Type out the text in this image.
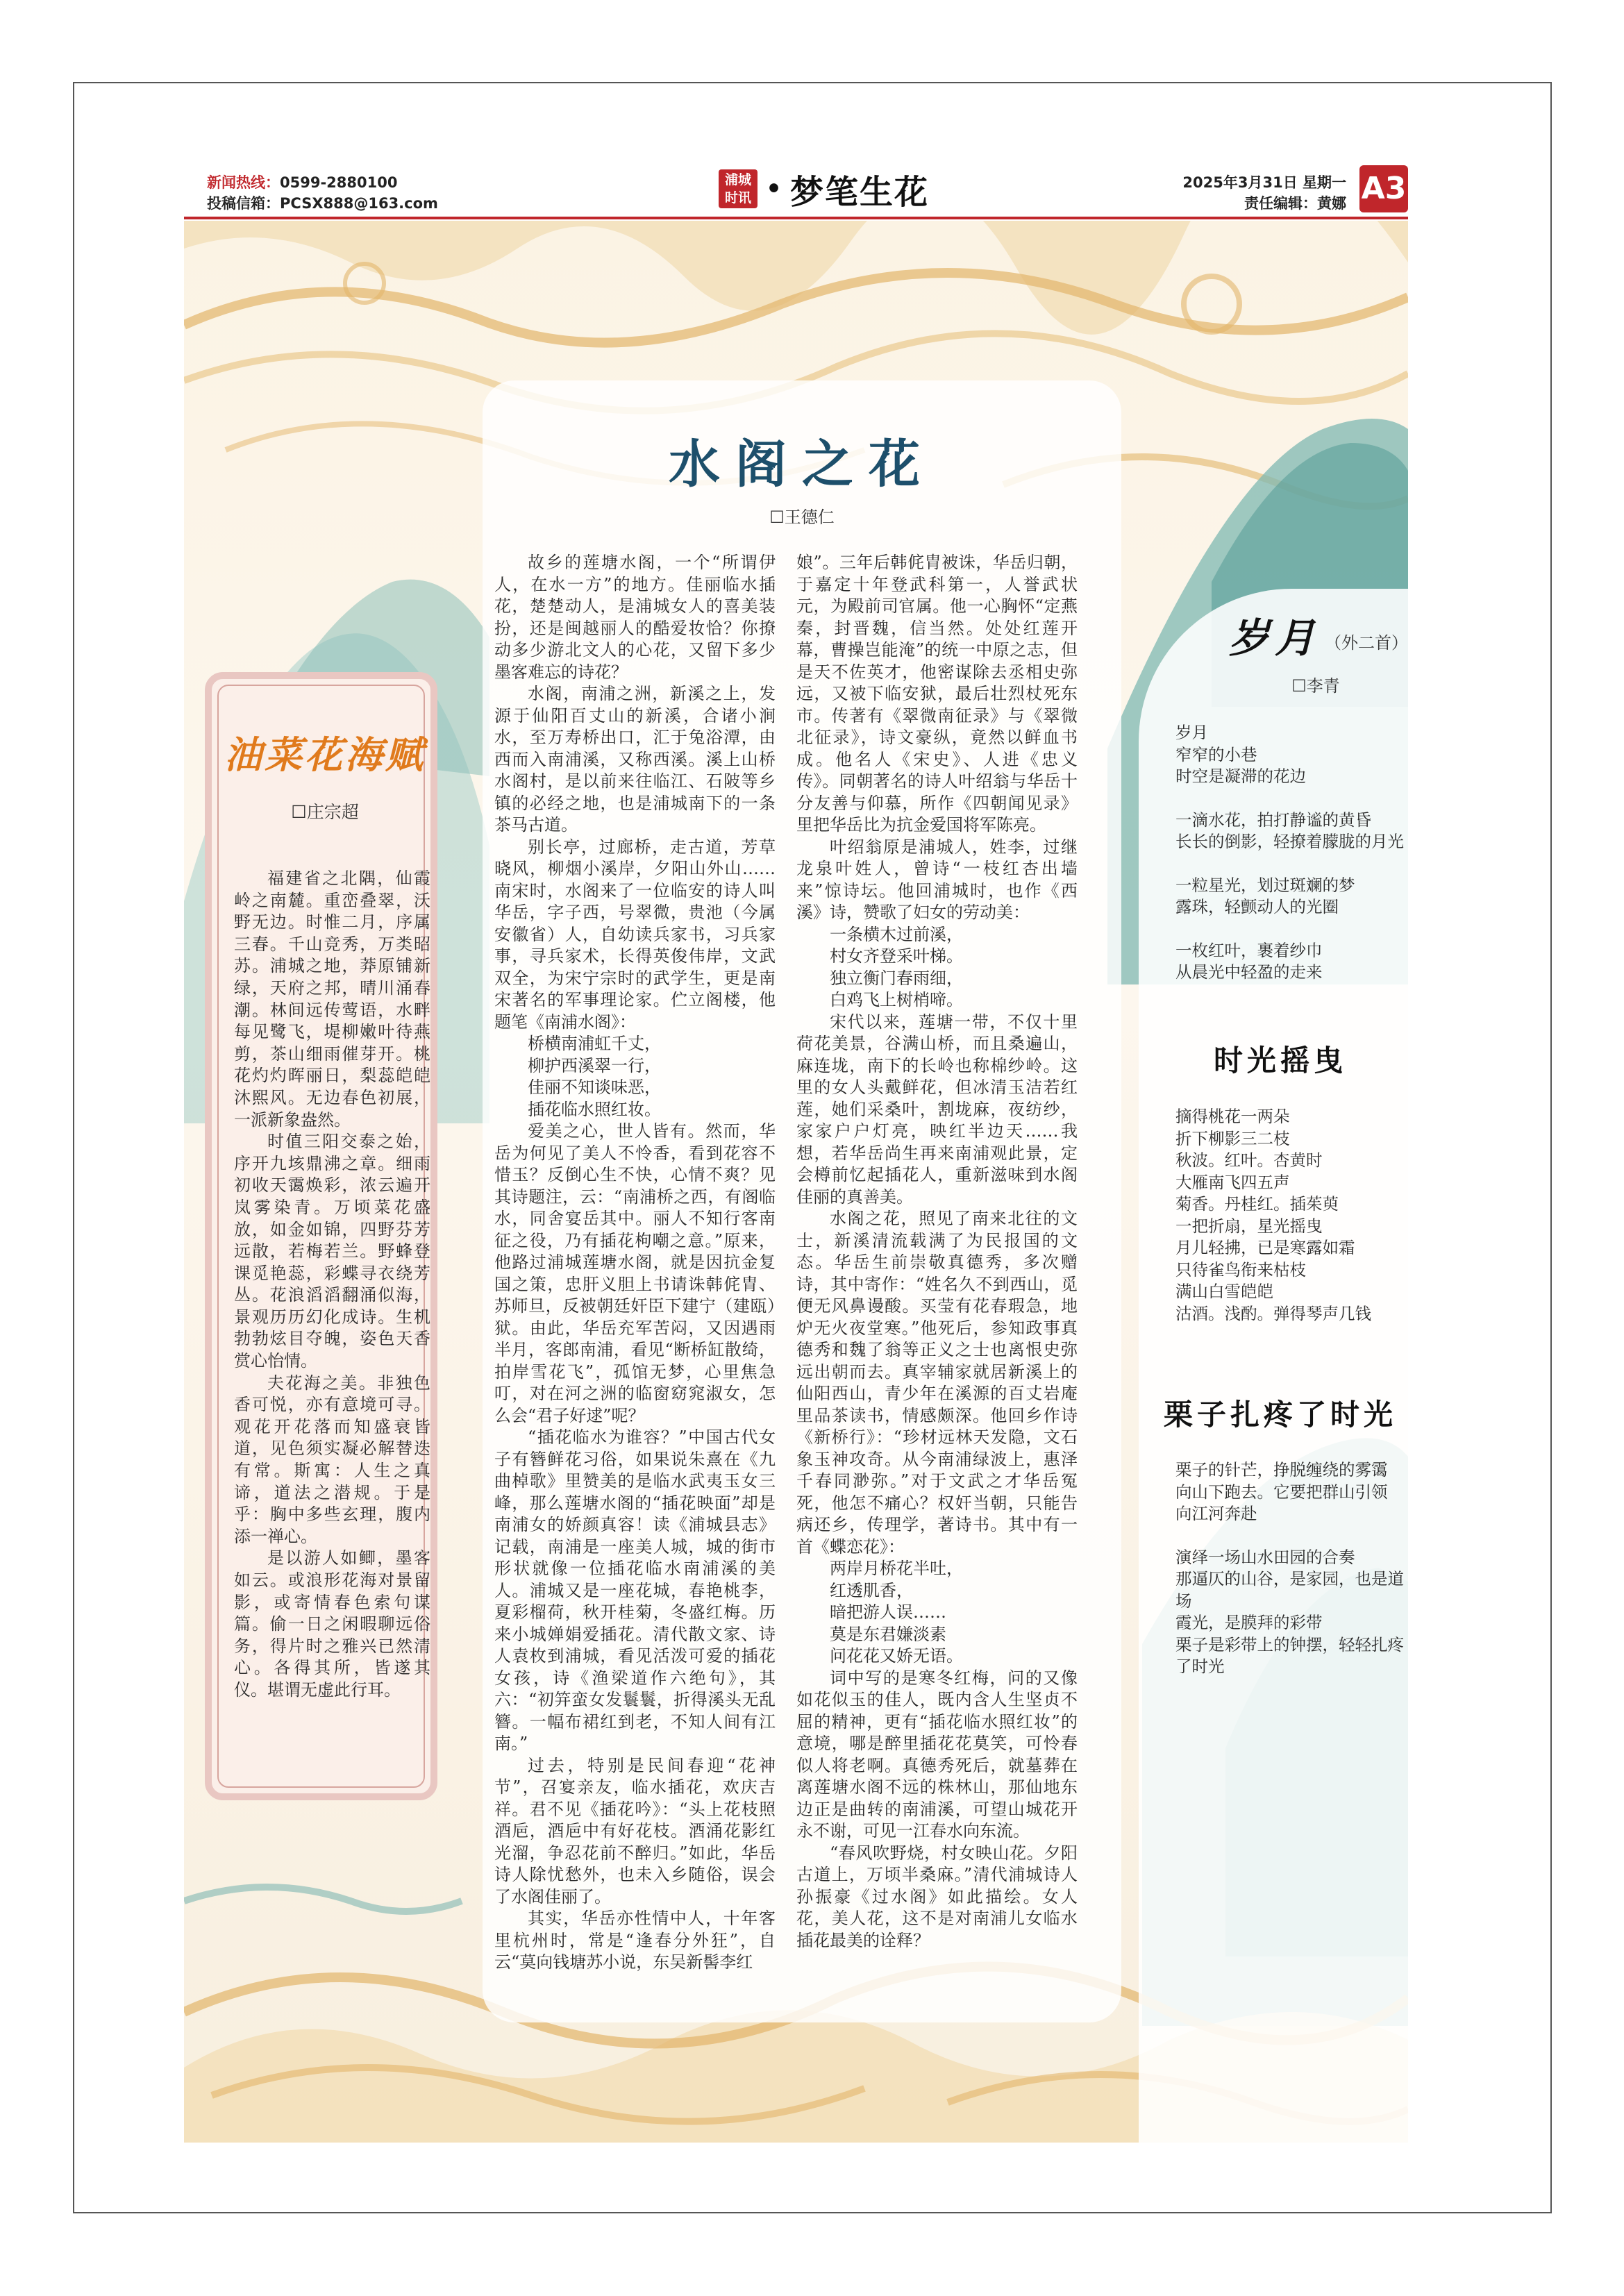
新闻热线：0599-2880100
投稿信箱：PCSX888@163.com
浦城
时讯 • 梦笔生花	2025年3月31日 星期一
责任编辑：黄娜 A3
油菜花海赋
☐庄宗超

福建省之北隅，仙霞岭之南麓。重峦叠翠，沃野无边。时惟二月，序属三春。千山竞秀，万类昭苏。浦城之地，莽原铺新绿，天府之邦，晴川涌春潮。林间远传莺语，水畔每见鹭飞，堤柳嫩叶待燕剪，茶山细雨催芽开。桃花灼灼晖丽日，梨蕊皑皑沐熙风。无边春色初展，一派新象盎然。

时值三阳交泰之始，序开九垓鼎沸之章。细雨初收天霭焕彩，浓云遍开岚雾染青。万顷菜花盛放，如金如锦，四野芬芳远散，若梅若兰。野蜂登课觅艳蕊，彩蝶寻衣绕芳丛。花浪滔滔翻涌似海，景观历历幻化成诗。生机勃勃炫目夺魄，姿色天香赏心怡情。

夫花海之美。非独色香可悦，亦有意境可寻。观花开花落而知盛衰皆道，见色须实凝必解替迭有常。斯寓：人生之真谛，道法之潜规。于是乎：胸中多些玄理，腹内添一禅心。

是以游人如鲫，墨客如云。或浪形花海对景留影，或寄情春色索句谋篇。偷一日之闲暇聊远俗务，得片时之雅兴已然清心。各得其所，皆遂其仪。堪谓无虚此行耳。

水阁之花
☐王德仁

故乡的莲塘水阁，一个“所谓伊人，在水一方”的地方。佳丽临水插花，楚楚动人，是浦城女人的喜美装扮，还是闽越丽人的酷爱妆恰？你撩动多少游北文人的心花，又留下多少墨客难忘的诗花？

水阁，南浦之洲，新溪之上，发源于仙阳百丈山的新溪，合诸小涧水，至万寿桥出口，汇于兔浴潭，由西而入南浦溪，又称西溪。溪上山桥水阁村，是以前来往临江、石陂等乡镇的必经之地，也是浦城南下的一条茶马古道。

别长亭，过廊桥，走古道，芳草晓风，柳烟小溪岸，夕阳山外山……南宋时，水阁来了一位临安的诗人叫华岳，字子西，号翠微，贵池（今属安徽省）人，自幼读兵家书，习兵家事，寻兵家术，长得英俊伟岸，文武双全，为宋宁宗时的武学生，更是南宋著名的军事理论家。伫立阁楼，他题笔《南浦水阁》：

桥横南浦虹千丈，

柳护西溪翠一行，

佳丽不知谈味恶，

插花临水照红妆。

爱美之心，世人皆有。然而，华岳为何见了美人不怜香，看到花容不惜玉？反倒心生不快，心情不爽？见其诗题注，云：“南浦桥之西，有阁临水，同舍宴岳其中。丽人不知行客南征之役，乃有插花枸嘲之意。”原来，他路过浦城莲塘水阁，就是因抗金复国之策，忠肝义胆上书请诛韩侂胄、苏师旦，反被朝廷奸臣下建宁（建瓯）狱。由此，华岳充军苦闷，又因遇雨半月，客郎南浦，看见“断桥缸散绮，拍岸雪花飞”，孤馆无梦，心里焦急叮，对在河之洲的临窗窈窕淑女，怎么会“君子好逑”呢？

“插花临水为谁容？”中国古代女子有簪鲜花习俗，如果说朱熹在《九曲棹歌》里赞美的是临水武夷玉女三峰，那么莲塘水阁的“插花映面”却是南浦女的娇颜真容！读《浦城县志》记载，南浦是一座美人城，城的街市形状就像一位插花临水南浦溪的美人。浦城又是一座花城，春艳桃李，夏彩榴荷，秋开桂菊，冬盛红梅。历来小城婵娟爱插花。清代散文家、诗人袁枚到浦城，看见活泼可爱的插花女孩，诗《渔梁道作六绝句》，其六：“初笄蛮女发鬟鬟，折得溪头无乱簪。一幅布裙红到老，不知人间有江南。”

过去，特别是民间春迎“花神节”，召宴亲友，临水插花，欢庆吉祥。君不见《插花吟》：“头上花枝照酒巵，酒巵中有好花枝。酒涌花影红光溜，争忍花前不醉归。”如此，华岳诗人除忧愁外，也未入乡随俗，误会了水阁佳丽了。

其实，华岳亦性情中人，十年客里杭州时，常是“逢春分外狂”，自云“莫向钱塘苏小说，东吴新髻李红

娘”。三年后韩侂胄被诛，华岳归朝，于嘉定十年登武科第一，人誉武状元，为殿前司官属。他一心胸怀“定燕秦，封晋魏，信当然。处处红莲开幕，曹操岂能淹”的统一中原之志，但是天不佐英才，他密谋除去丞相史弥远，又被下临安狱，最后壮烈杖死东市。传著有《翠微南征录》与《翠微北征录》，诗文豪纵，竟然以鲜血书成。他名人《宋史》、人进《忠义传》。同朝著名的诗人叶绍翁与华岳十分友善与仰慕，所作《四朝闻见录》里把华岳比为抗金爱国将军陈亮。

叶绍翁原是浦城人，姓李，过继龙泉叶姓人，曾诗“一枝红杏出墙来”惊诗坛。他回浦城时，也作《西溪》诗，赞歌了妇女的劳动美：

一条横木过前溪，

村女齐登采叶梯。

独立衡门春雨细，

白鸡飞上树梢啼。

宋代以来，莲塘一带，不仅十里荷花美景，谷满山桥，而且桑遍山，麻连垅，南下的长岭也称棉纱岭。这里的女人头戴鲜花，但冰清玉洁若红莲，她们采桑叶，割垅麻，夜纺纱，家家户户灯亮，映红半边天……我想，若华岳尚生再来南浦观此景，定会樽前忆起插花人，重新滋味到水阁佳丽的真善美。

水阁之花，照见了南来北往的文士，新溪清流载满了为民报国的文态。华岳生前崇敬真德秀，多次赠诗，其中寄作：“姓名久不到西山，觅便无风鼻谩酸。买莹有花春瑕急，地炉无火夜堂寒。”他死后，参知政事真德秀和魏了翁等正义之士也离恨史弥远出朝而去。真宰辅家就居新溪上的仙阳西山，青少年在溪源的百丈岩庵里品茶读书，情感颇深。他回乡作诗《新桥行》：“珍材远林天发隐，文石象玉神攻奇。从今南浦绿波上，惠泽千春同渺弥。”对于文武之才华岳冤死，他怎不痛心？权奸当朝，只能告病还乡，传理学，著诗书。其中有一首《蝶恋花》：

两岸月桥花半吐，

红透肌香，

暗把游人误……

莫是东君嫌淡素

问花花又娇无语。

词中写的是寒冬红梅，问的又像如花似玉的佳人，既内含人生坚贞不屈的精神，更有“插花临水照红妆”的意境，哪是醉里插花花莫笑，可怜春似人将老啊。真德秀死后，就墓葬在离莲塘水阁不远的株林山，那仙地东边正是曲转的南浦溪，可望山城花开永不谢，可见一江春水向东流。

“春风吹野烧，村女映山花。夕阳古道上，万顷半桑麻。”清代浦城诗人孙振豪《过水阁》如此描绘。女人花，美人花，这不是对南浦儿女临水插花最美的诠释？

岁月 （外二首）
☐李青

岁月

窄窄的小巷

时空是凝滞的花边

一滴水花，拍打静谧的黄昏

长长的倒影，轻撩着朦胧的月光

一粒星光，划过斑斓的梦

露珠，轻颤动人的光圈

一枚红叶，裹着纱巾

从晨光中轻盈的走来

时光摇曳

摘得桃花一两朵

折下柳影三二枝

秋波。红叶。杏黄时

大雁南飞四五声

菊香。丹桂红。插茱萸

一把折扇，星光摇曳

月儿轻拂，已是寒露如霜

只待雀鸟衔来枯枝

满山白雪皑皑

沽酒。浅酌。弹得琴声几钱

栗子扎疼了时光

栗子的针芒，挣脱缠绕的雾霭

向山下跑去。它要把群山引领

向江河奔赴

演绎一场山水田园的合奏

那逼仄的山谷，是家园，也是道场

霞光，是膜拜的彩带

栗子是彩带上的钟摆，轻轻扎疼了时光
